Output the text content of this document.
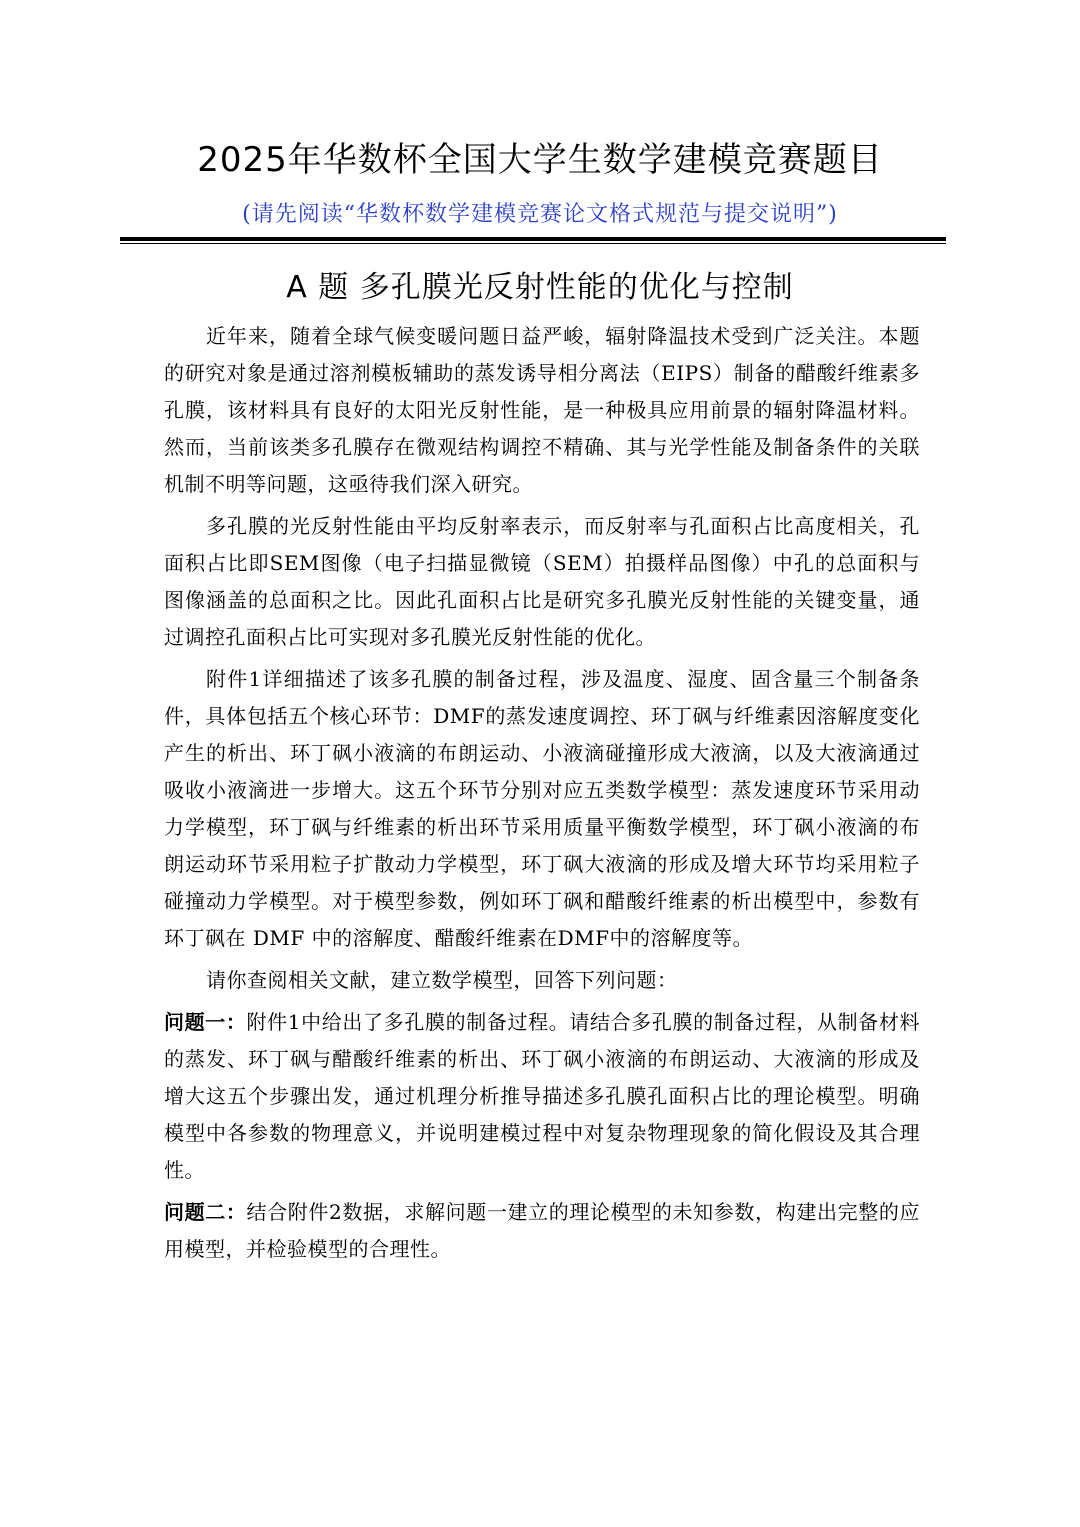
2025年华数杯全国大学生数学建模竞赛题目
(请先阅读“华数杯数学建模竞赛论文格式规范与提交说明”)
A 题 多孔膜光反射性能的优化与控制

近年来，随着全球气候变暖问题日益严峻，辐射降温技术受到广泛关注。本题的研究对象是通过溶剂模板辅助的蒸发诱导相分离法（EIPS）制备的醋酸纤维素多孔膜，该材料具有良好的太阳光反射性能，是一种极具应用前景的辐射降温材料。然而，当前该类多孔膜存在微观结构调控不精确、其与光学性能及制备条件的关联机制不明等问题，这亟待我们深入研究。

多孔膜的光反射性能由平均反射率表示，而反射率与孔面积占比高度相关，孔面积占比即SEM图像（电子扫描显微镜（SEM）拍摄样品图像）中孔的总面积与图像涵盖的总面积之比。因此孔面积占比是研究多孔膜光反射性能的关键变量，通过调控孔面积占比可实现对多孔膜光反射性能的优化。

附件1详细描述了该多孔膜的制备过程，涉及温度、湿度、固含量三个制备条件，具体包括五个核心环节：DMF的蒸发速度调控、环丁砜与纤维素因溶解度变化产生的析出、环丁砜小液滴的布朗运动、小液滴碰撞形成大液滴，以及大液滴通过吸收小液滴进一步增大。这五个环节分别对应五类数学模型：蒸发速度环节采用动力学模型，环丁砜与纤维素的析出环节采用质量平衡数学模型，环丁砜小液滴的布朗运动环节采用粒子扩散动力学模型，环丁砜大液滴的形成及增大环节均采用粒子碰撞动力学模型。对于模型参数，例如环丁砜和醋酸纤维素的析出模型中，参数有环丁砜在 DMF 中的溶解度、醋酸纤维素在DMF中的溶解度等。

请你查阅相关文献，建立数学模型，回答下列问题：

问题一：附件1中给出了多孔膜的制备过程。请结合多孔膜的制备过程，从制备材料的蒸发、环丁砜与醋酸纤维素的析出、环丁砜小液滴的布朗运动、大液滴的形成及增大这五个步骤出发，通过机理分析推导描述多孔膜孔面积占比的理论模型。明确模型中各参数的物理意义，并说明建模过程中对复杂物理现象的简化假设及其合理性。

问题二：结合附件2数据，求解问题一建立的理论模型的未知参数，构建出完整的应用模型，并检验模型的合理性。
